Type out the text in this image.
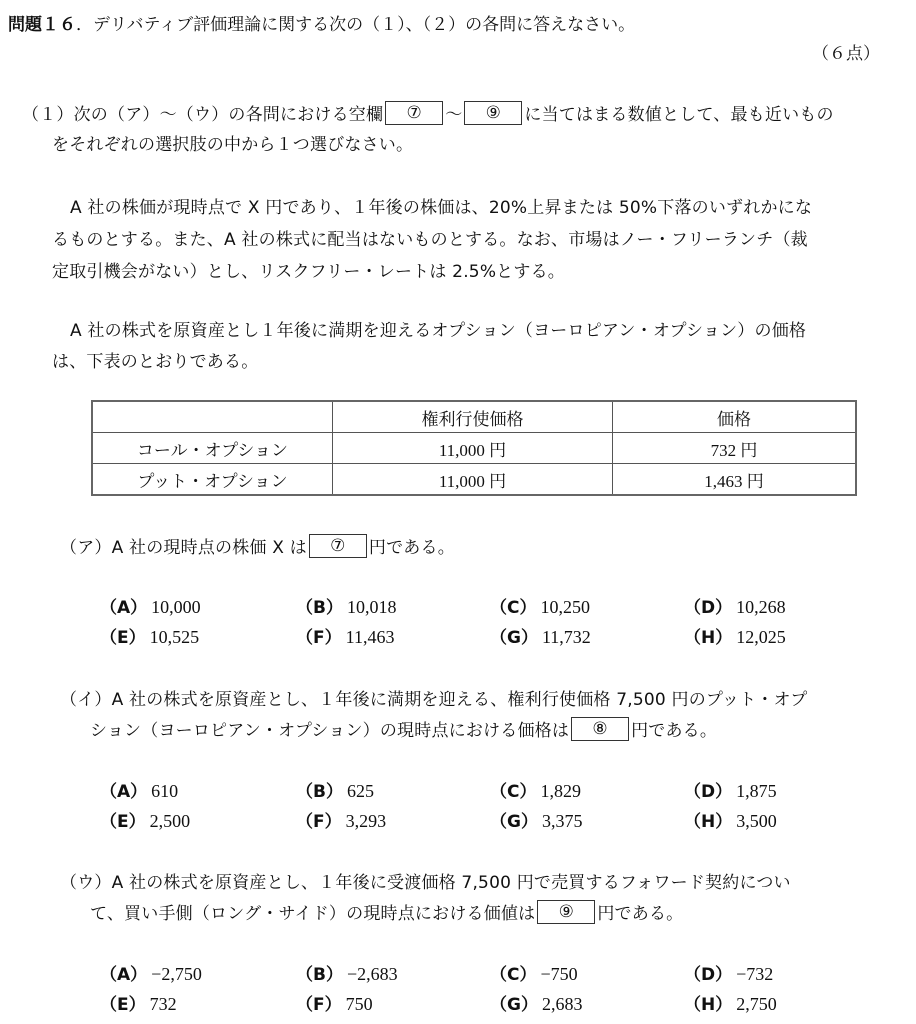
問題１６．デリバティブ評価理論に関する次の（１）、（２）の各問に答えなさい。
（６点）
（１）次の（ア）～（ウ）の各問における空欄 ⑦ ～ ⑨ に当てはまる数値として、最も近いもの
をそれぞれの選択肢の中から１つ選びなさい。
A 社の株価が現時点で X 円であり、１年後の株価は、20%上昇または 50%下落のいずれかにな
るものとする。また、A 社の株式に配当はないものとする。なお、市場はノー・フリーランチ（裁
定取引機会がない）とし、リスクフリー・レートは 2.5%とする。
A 社の株式を原資産とし１年後に満期を迎えるオプション（ヨーロピアン・オプション）の価格
は、下表のとおりである。
	権利行使価格	価格
コール・オプション	11,000 円	732 円
プット・オプション	11,000 円	1,463 円
（ア）A 社の現時点の株価 X は ⑦ 円である。
（A） 10,000	（B） 10,018	（C） 10,250	（D） 10,268
（E） 10,525	（F） 11,463	（G） 11,732	（H） 12,025
（イ）A 社の株式を原資産とし、１年後に満期を迎える、権利行使価格 7,500 円のプット・オプ
ション（ヨーロピアン・オプション）の現時点における価格は ⑧ 円である。
（A） 610	（B） 625	（C） 1,829	（D） 1,875
（E） 2,500	（F） 3,293	（G） 3,375	（H） 3,500
（ウ）A 社の株式を原資産とし、１年後に受渡価格 7,500 円で売買するフォワード契約につい
て、買い手側（ロング・サイド）の現時点における価値は ⑨ 円である。
（A） −2,750	（B） −2,683	（C） −750	（D） −732
（E） 732	（F） 750	（G） 2,683	（H） 2,750
